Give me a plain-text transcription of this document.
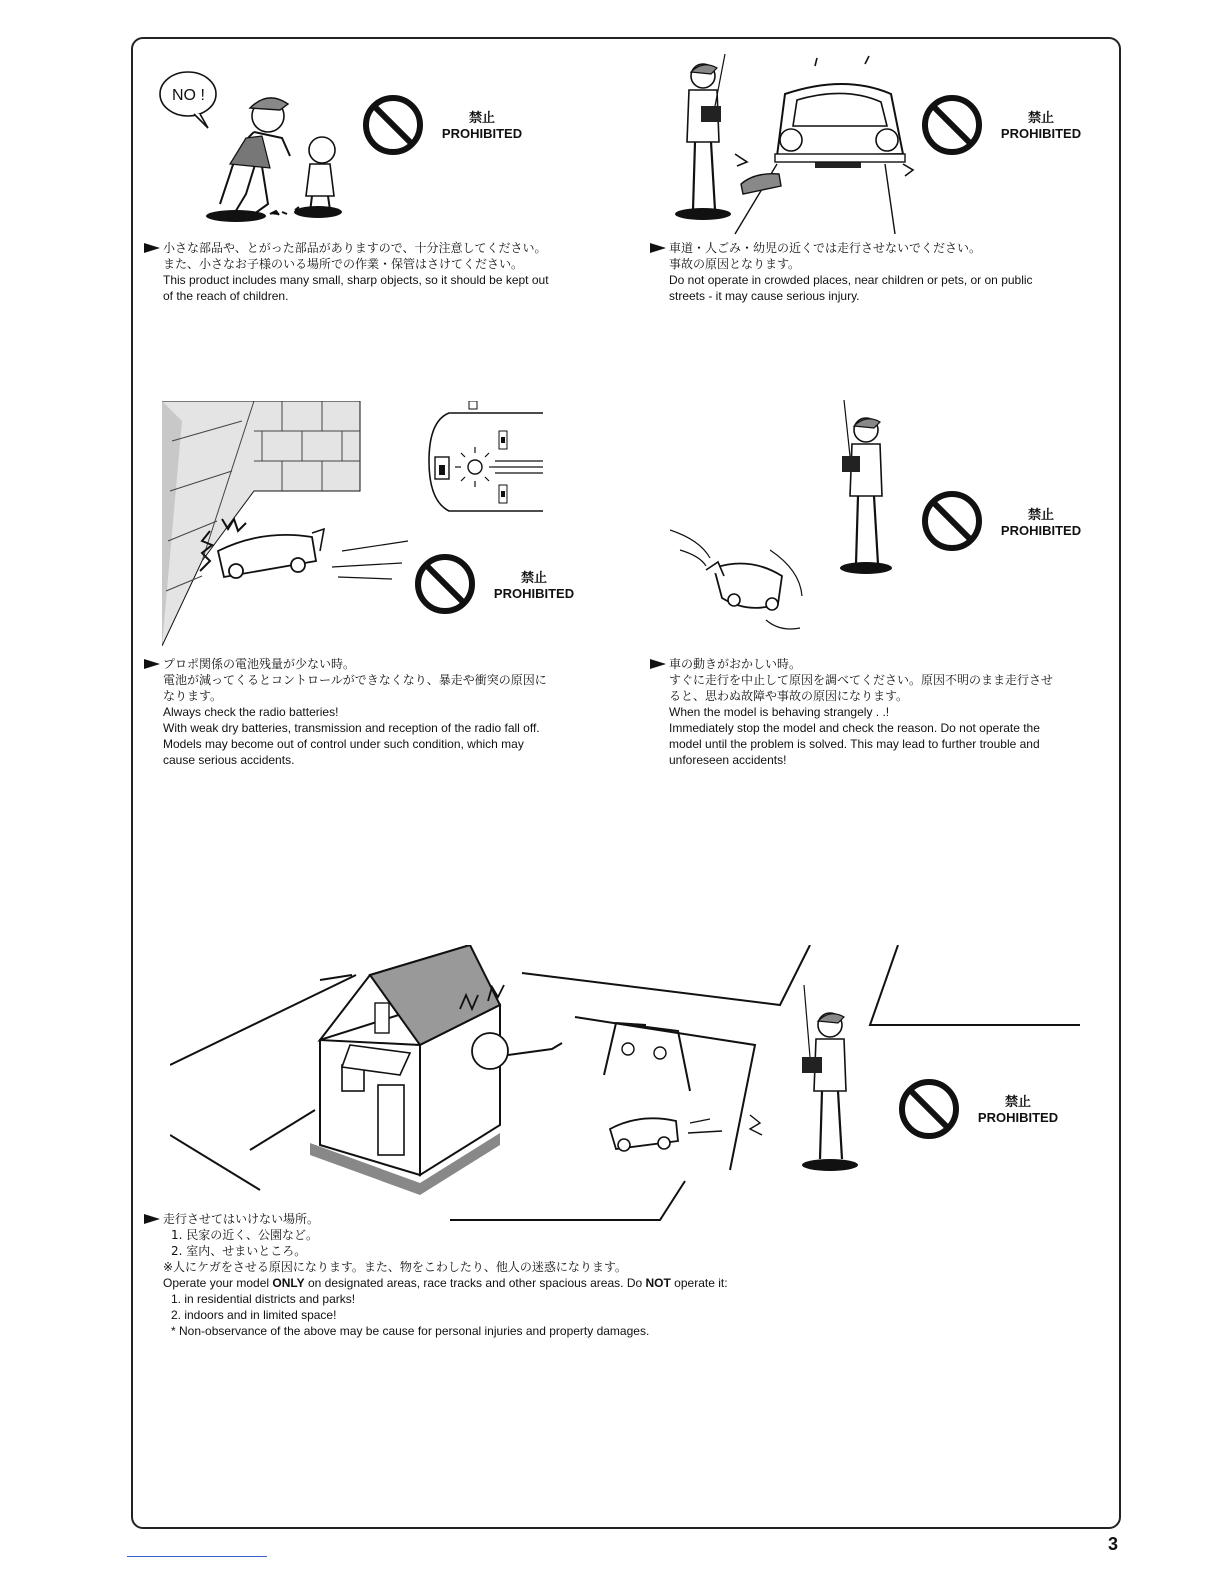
NO !
禁止
PROHIBITED
禁止
PROHIBITED
禁止
PROHIBITED
禁止
PROHIBITED
禁止
PROHIBITED

小さな部品や、とがった部品がありますので、十分注意してください。

また、小さなお子様のいる場所での作業・保管はさけてください。

This product includes many small, sharp objects, so it should be kept out

of the reach of children.

車道・人ごみ・幼児の近くでは走行させないでください。

事故の原因となります。

Do not operate in crowded places, near children or pets, or on public

streets - it may cause serious injury.

プロポ関係の電池残量が少ない時。

電池が減ってくるとコントロールができなくなり、暴走や衝突の原因に

なります。

Always check the radio batteries!

With weak dry batteries, transmission and reception of the radio fall off.

Models may become out of control under such condition, which may

cause serious accidents.

車の動きがおかしい時。

すぐに走行を中止して原因を調べてください。原因不明のまま走行させ

ると、思わぬ故障や事故の原因になります。

When the model is behaving strangely . .!

Immediately stop the model and check the reason. Do not operate the

model until the problem is solved. This may lead to further trouble and

unforeseen accidents!

走行させてはいけない場所。

1. 民家の近く、公園など。

2. 室内、せまいところ。

※人にケガをさせる原因になります。また、物をこわしたり、他人の迷惑になります。

Operate your model ONLY on designated areas, race tracks and other spacious areas. Do NOT operate it:

1. in residential districts and parks!

2. indoors and in limited space!

* Non-observance of the above may be cause for personal injuries and property damages.

3
